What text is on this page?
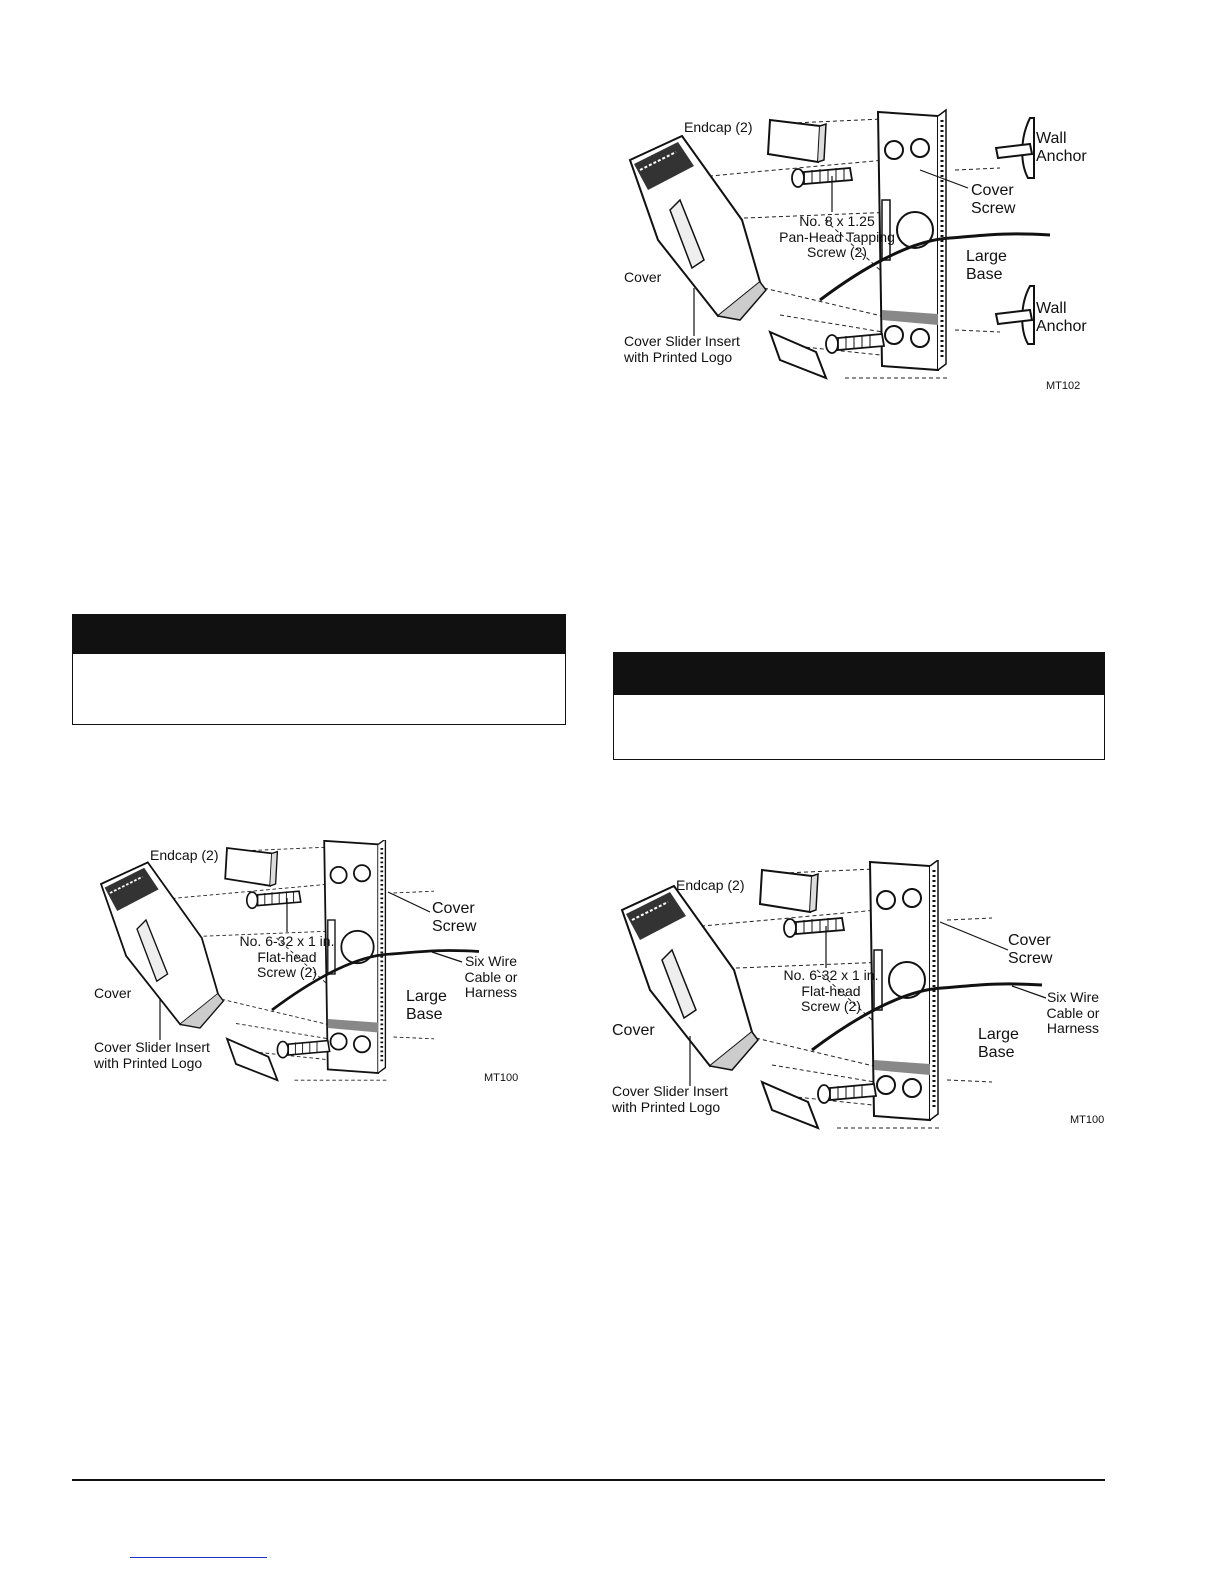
Endcap (2)
No. 8 x 1.25
Pan-Head Tapping
Screw (2)
Cover
Cover Slider Insert
with Printed Logo
Cover
Screw
Large
Base
Wall
Anchor
Wall
Anchor
MT102
Endcap (2)
No. 6-32 x 1 in.
Flat-head
Screw (2)
Cover
Cover Slider Insert
with Printed Logo
Cover
Screw
Large
Base
Six Wire
Cable or
Harness
MT100
Endcap (2)
No. 6-32 x 1 in.
Flat-head
Screw (2)
Cover
Cover Slider Insert
with Printed Logo
Cover
Screw
Large
Base
Six Wire
Cable or
Harness
MT100
